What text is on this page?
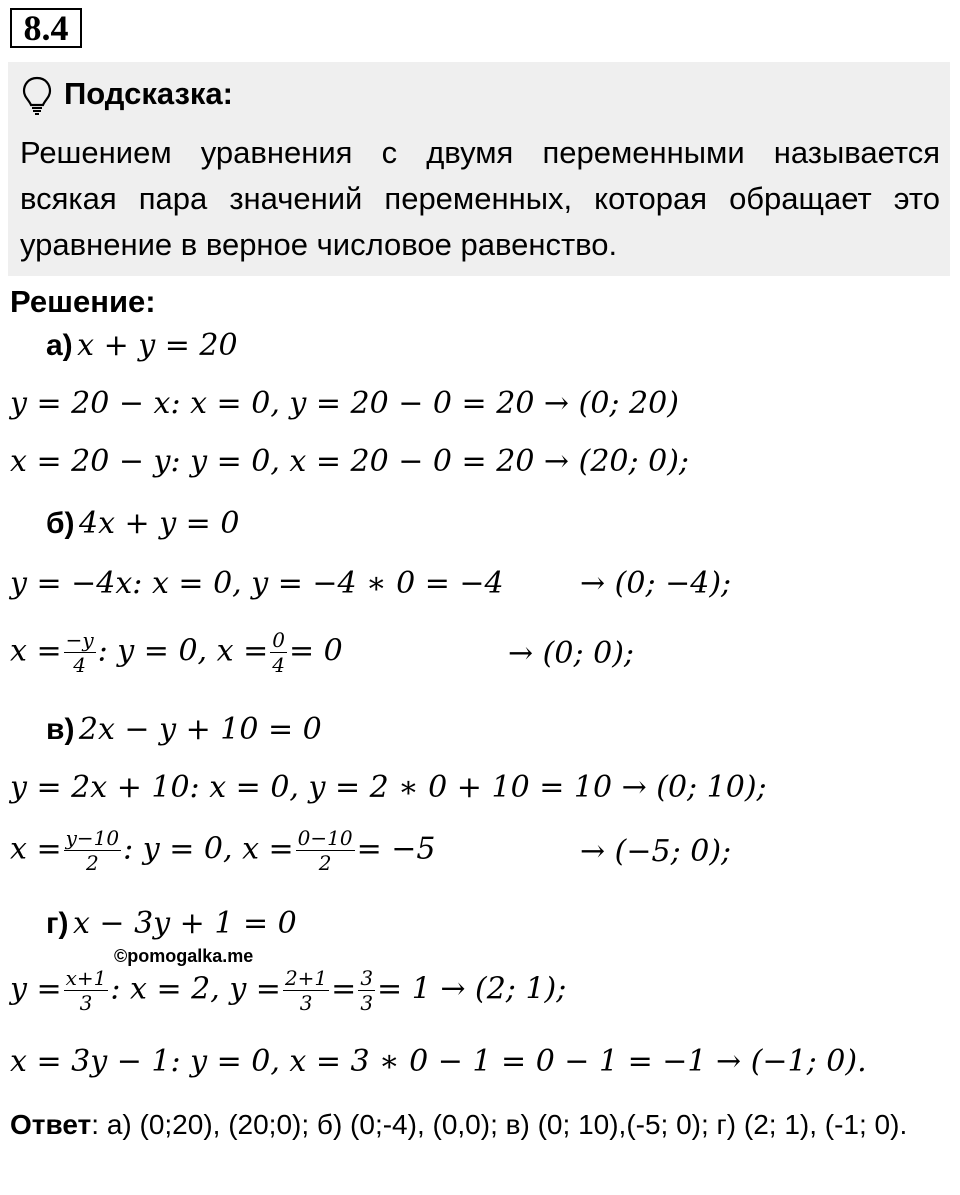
8.4
Подсказка:
Решением уравнения с двумя переменными называется
всякая пара значений переменных, которая обращает это
уравнение в верное числовое равенство.
Решение:
а) x + y = 20
y = 20 − x: x = 0, y = 20 − 0 = 20 → (0; 20)
x = 20 − y: y = 0, x = 20 − 0 = 20 → (20; 0);
б) 4x + y = 0
y = −4x: x = 0, y = −4 ∗ 0 = −4	→ (0; −4);
$x = \frac{-y}{4}$ : y = 0, $x = \frac{0}{4} = 0$	→ (0; 0);
в) 2x − y + 10 = 0
y = 2x + 10: x = 0, y = 2 ∗ 0 + 10 = 10 → (0; 10);
$x = \frac{y-10}{2}$ : y = 0, $x = \frac{0-10}{2} = -5$	→ (−5; 0);
г) x − 3y + 1 = 0
©pomogalka.me
$y = \frac{x+1}{3}$ : x = 2, $y = \frac{2+1}{3} = \frac{3}{3} = 1 \to (2$; 1);
x = 3y − 1: y = 0, x = 3 ∗ 0 − 1 = 0 − 1 = −1 → (−1; 0).
Ответ: а) (0;20), (20;0); б) (0;-4), (0,0); в) (0; 10),(-5; 0); г) (2; 1), (-1; 0).
